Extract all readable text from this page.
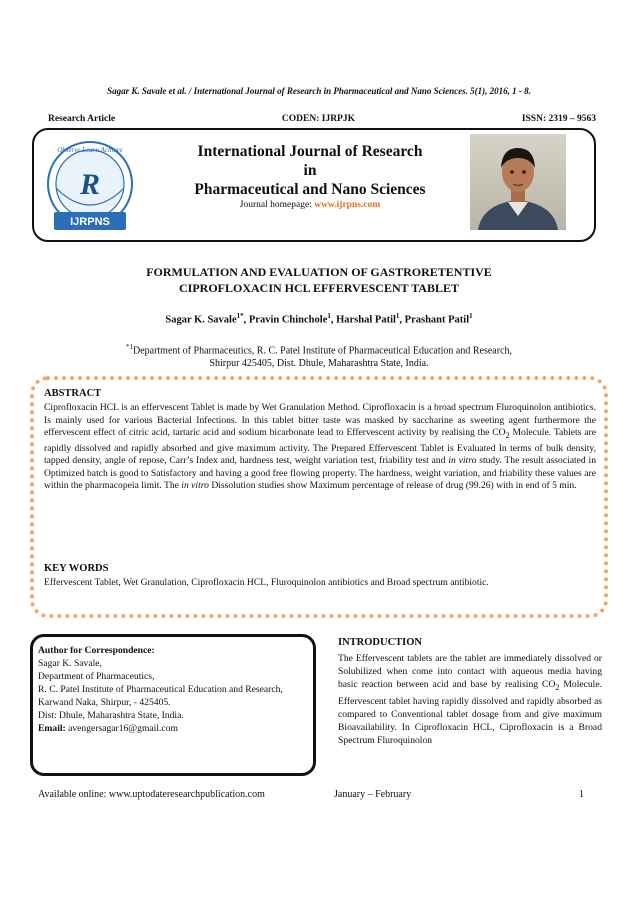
Sagar K. Savale et al. / International Journal of Research in Pharmaceutical and Nano Sciences. 5(1), 2016, 1 - 8.
Research Article	CODEN: IJRPJK	ISSN: 2319 – 9563
Observe Learn Achieve
R
IJRPNS
International Journal of Research
in
Pharmaceutical and Nano Sciences
Journal homepage: www.ijrpns.com
FORMULATION AND EVALUATION OF GASTRORETENTIVE
CIPROFLOXACIN HCL EFFERVESCENT TABLET
Sagar K. Savale$^{1*}$, Pravin Chinchole$^1$, Harshal Patil$^1$, Prashant Patil$^1$
$^{*1}$Department of Pharmaceutics, R. C. Patel Institute of Pharmaceutical Education and Research,
Shirpur 425405, Dist. Dhule, Maharashtra State, India.
ABSTRACT
Ciprofloxacin HCL is an effervescent Tablet is made by Wet Granulation Method. Ciprofloxacin is a broad spectrum Fluroquinolon antibiotics. Is mainly used for various Bacterial Infections. In this tablet bitter taste was masked by saccharine as sweeting agent furthermore the effervescent effect of citric acid, tartaric acid and sodium bicarbonate lead to Effervescent activity by realising the $CO_2$ Molecule. Tablets are rapidly dissolved and rapidly absorbed and give maximum activity. The Prepared Effervescent Tablet is Evaluated In terms of bulk density, tapped density, angle of repose, Carr’s Index and, hardness test, weight variation test, friability test and in vitro study. The result associated in Optimized batch is good to Satisfactory and having a good free flowing property. The hardness, weight variation, and friability these values are within the pharmacopeia limit. The in vitro Dissolution studies show Maximum percentage of release of drug (99.26) with in end of 5 min.
KEY WORDS
Effervescent Tablet, Wet Granulation, Ciprofloxacin HCL, Fluroquinolon antibiotics and Broad spectrum antibiotic.
Author for Correspondence:
Sagar K. Savale,
Department of Pharmaceutics,
R. C. Patel Institute of Pharmaceutical Education and Research,
Karwand Naka, Shirpur, - 425405.
Dist: Dhule, Maharashtra State, India.
Email: avengersagar16@gmail.com
INTRODUCTION
The Effervescent tablets are the tablet are immediately dissolved or Solubilized when come into contact with aqueous media having basic reaction between acid and base by realising $CO_2$ Molecule. Effervescent tablet having rapidly dissolved and rapidly absorbed as compared to Conventional tablet dosage from and give maximum Bioavailability. In Ciprofloxacin HCL, Ciprofloxacin is a Broad Spectrum Fluroquinolon
Available online: www.uptodateresearchpublication.com	January – February	1
